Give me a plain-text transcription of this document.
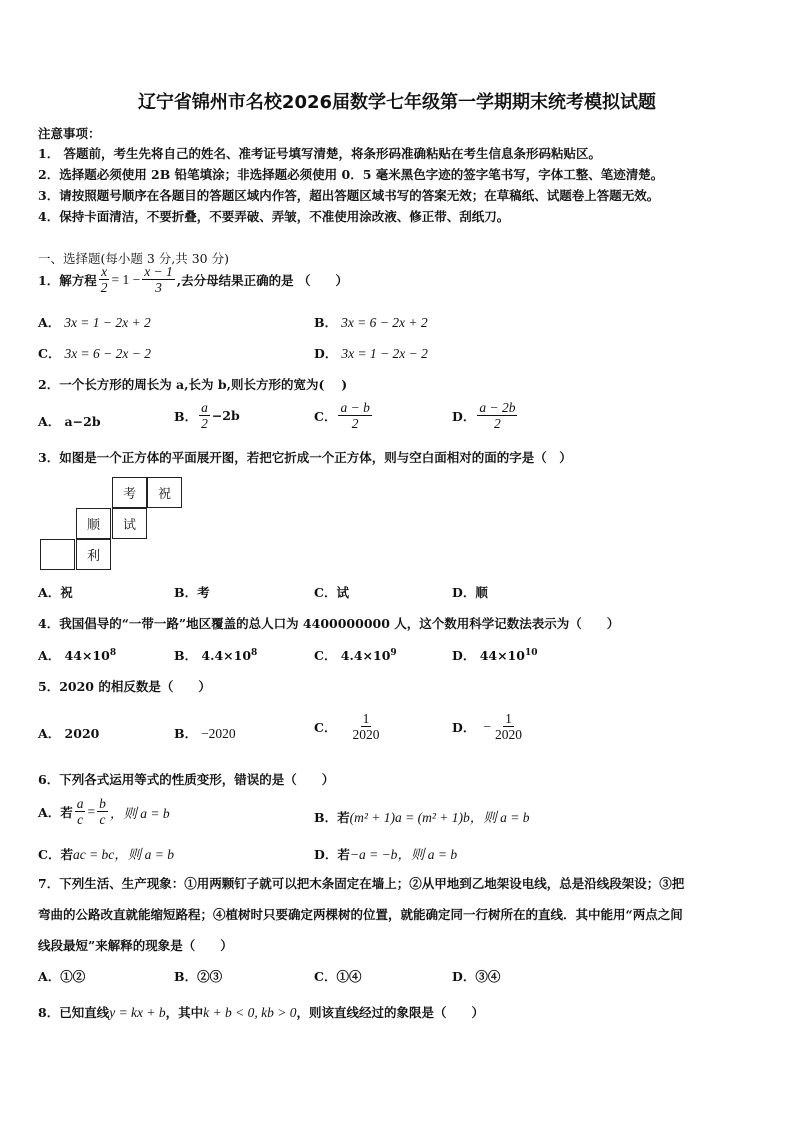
辽宁省锦州市名校2026届数学七年级第一学期期末统考模拟试题
注意事项：
1． 答题前，考生先将自己的姓名、准考证号填写清楚，将条形码准确粘贴在考生信息条形码粘贴区。
2．选择题必须使用 2B 铅笔填涂；非选择题必须使用 0．5 毫米黑色字迹的签字笔书写，字体工整、笔迹清楚。
3．请按照题号顺序在各题目的答题区域内作答，超出答题区域书写的答案无效；在草稿纸、试题卷上答题无效。
4．保持卡面清洁，不要折叠，不要弄破、弄皱，不准使用涂改液、修正带、刮纸刀。
一、选择题(每小题 3 分,共 30 分)
1．解方程 $\frac{x}{2} = 1 - \frac{x - 1}{3}$ ,去分母结果正确的是 （　　）
A． 3x = 1 − 2x + 2	B． 3x = 6 − 2x + 2
C． 3x = 6 − 2x − 2	D． 3x = 1 − 2x − 2
2．一个长方形的周长为 a,长为 b,则长方形的宽为(　 )
A． a−2b	B． $\frac{a}{2} -2b$	C． $\frac{a - b}{2}$	D． $\frac{a - 2b}{2}$
3．如图是一个正方体的平面展开图，若把它折成一个正方体，则与空白面相对的面的字是（　）
考	祝
顺	试
利
A．祝	B．考	C．试	D．顺
4．我国倡导的“一带一路”地区覆盖的总人口为 4400000000 人，这个数用科学记数法表示为（　　）
A． $44\times 10^8$	B． $4.4\times 10^8$	C． $4.4\times 10^9$	D． $44\times 10^{10}$
5．2020 的相反数是（　　）
A． 2020	B． −2020	C． $\frac{1}{2020}$	D． − $\frac{1}{2020}$
6．下列各式运用等式的性质变形，错误的是（　　）
A．若 $\frac{a}{c} = \frac{b}{c}$ ，则 a = b	B．若(m² + 1)a = (m² + 1)b，则 a = b
C．若ac = bc，则 a = b	D．若−a = −b，则 a = b
7．下列生活、生产现象：①用两颗钉子就可以把木条固定在墙上；②从甲地到乙地架设电线，总是沿线段架设；③把
弯曲的公路改直就能缩短路程；④植树时只要确定两棵树的位置，就能确定同一行树所在的直线．其中能用“两点之间
线段最短”来解释的现象是（　　）
A．①②	B．②③	C．①④	D．③④
8．已知直线y = kx + b，其中k + b < 0, kb > 0，则该直线经过的象限是（　　）
